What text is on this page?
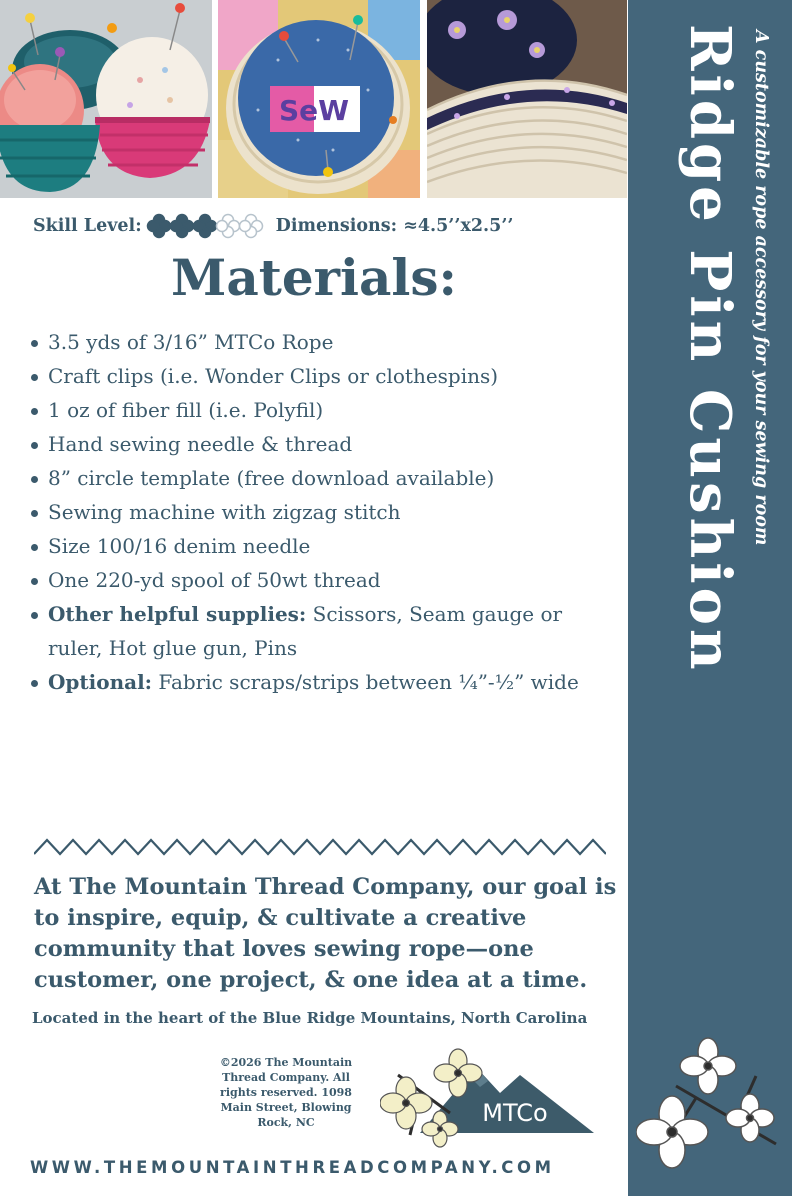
SeW	Ridge Pin Cushion A customizable rope accessory for your sewing room
Skill Level:	Dimensions: ≈4.5’’x2.5’’
Materials:
3.5 yds of 3/16” MTCo Rope
Craft clips (i.e. Wonder Clips or clothespins)
1 oz of fiber fill (i.e. Polyfil)
Hand sewing needle & thread
8” circle template (free download available)
Sewing machine with zigzag stitch
Size 100/16 denim needle
One 220-yd spool of 50wt thread
Other helpful supplies: Scissors, Seam gauge or ruler, Hot glue gun, Pins
Optional: Fabric scraps/strips between ¼”-½” wide
At The Mountain Thread Company, our goal is to inspire, equip, & cultivate a creative community that loves sewing rope—one customer, one project, & one idea at a time.
Located in the heart of the Blue Ridge Mountains, North Carolina
©2026 The Mountain Thread Company. All rights reserved. 1098 Main Street, Blowing Rock, NC	MTCo
WWW.THEMOUNTAINTHREADCOMPANY.COM
